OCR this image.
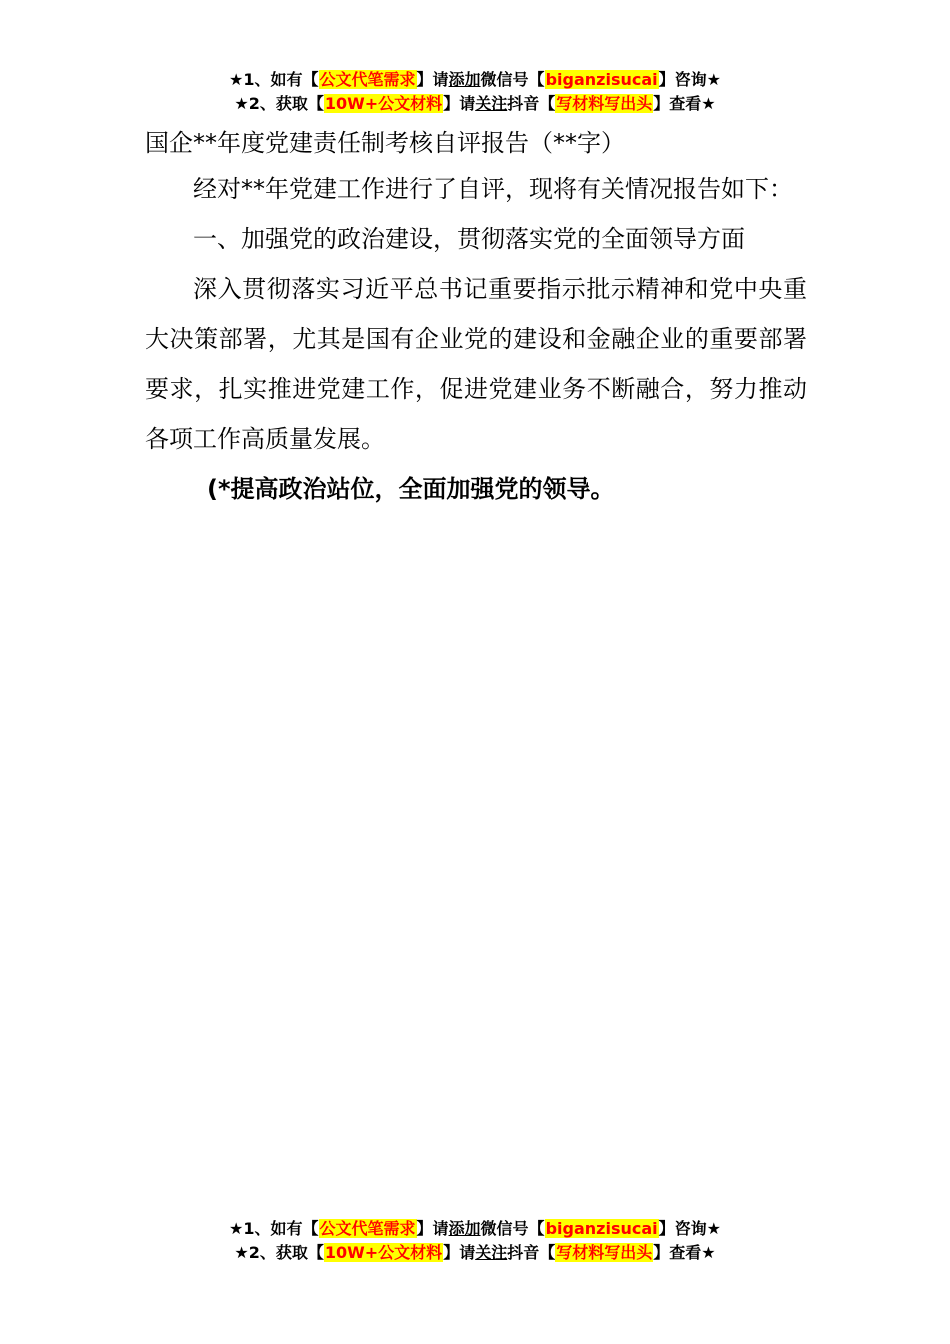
★1、如有【公文代笔需求】请添加微信号【biganzisucai】咨询★
★2、获取【10W+公文材料】请关注抖音【写材料写出头】查看★

国企**年度党建责任制考核自评报告（**字）

经对**年党建工作进行了自评，现将有关情况报告如下：

一、加强党的政治建设，贯彻落实党的全面领导方面

深入贯彻落实习近平总书记重要指示批示精神和党中央重大决策部署，尤其是国有企业党的建设和金融企业的重要部署要求，扎实推进党建工作，促进党建业务不断融合，努力推动各项工作高质量发展。

(*提高政治站位，全面加强党的领导。

★1、如有【公文代笔需求】请添加微信号【biganzisucai】咨询★
★2、获取【10W+公文材料】请关注抖音【写材料写出头】查看★
